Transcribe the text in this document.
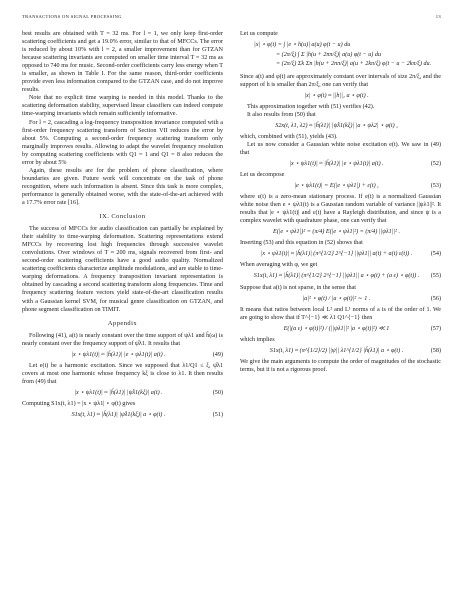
TRANSACTIONS ON SIGNAL PROCESSING	13

best results are obtained with T = 32 ms. For l = 1, we only keep first-order scattering coefficients and get a 19.0% error, similar to that of MFCCs. The error is reduced by about 10% with l = 2, a smaller improvement than for GTZAN because scattering invariants are computed on smaller time interval T = 32 ms as opposed to 740 ms for music. Second-order coefficients carry less energy when T is smaller, as shown in Table I. For the same reason, third-order coefficients provide even less information compared to the GTZAN case, and do not improve results.

Note that no explicit time warping is needed in this model. Thanks to the scattering deformation stability, supervised linear classifiers can indeed compute time-warping invariants which remain sufficiently informative.

For l = 2, cascading a log-frequency transposition invariance computed with a first-order frequency scattering transform of Section VII reduces the error by about 5%. Computing a second-order frequency scattering transform only marginally improves results. Allowing to adapt the wavelet frequency resolution by computing scattering coefficients with Q1 = 1 and Q1 = 8 also reduces the error by about 5%

Again, these results are for the problem of phone classification, where boundaries are given. Future work will concentrate on the task of phone recognition, where such information is absent. Since this task is more complex, performance is generally obtained worse, with the state-of-the-art achieved with a 17.7% error rate [16].

IX. Conclusion

The success of MFCCs for audio classification can partially be explained by their stability to time-warping deformation. Scattering representations extend MFCCs by recovering lost high frequencies through successive wavelet convolutions. Over windows of T ≈ 200 ms, signals recovered from first- and second-order scattering coefficients have a good audio quality. Normalized scattering coefficients characterize amplitude modulations, and are stable to time-warping deformations. A frequency transposition invariant representation is obtained by cascading a second scattering transform along frequencies. Time and frequency scattering feature vectors yield state-of-the-art classification results with a Gaussian kernel SVM, for musical genre classification on GTZAN, and phone segment classification on TIMIT.

Appendix

Following (41), a(t) is nearly constant over the time support of ψλ1 and ĥ(ω) is nearly constant over the frequency support of ψ̂λ1. It results that

|x ⋆ ψλ1(t)| ≈ |ĥ(λ1)| |e ⋆ ψλ1(t)| a(t) .	(49)

Let e(t) be a harmonic excitation. Since we supposed that λ1/Q1 ≤ ξ, ψ̂λ1 covers at most one harmonic whose frequency kξ is close to λ1. It then results from (49) that

|x ⋆ ψλ1(t)| ≈ |ĥ(λ1)| |ψ̂λ1(kξ)| a(t) .	(50)

Computing S1x(t, λ1) = |x ⋆ ψλ1| ⋆ φ(t) gives

S1x(t, λ1) ≈ |ĥ(λ1)| |ψ̂λ1(kξ)| a ⋆ φ(t) .	(51)

Let us compute

|x| ⋆ φ(t) = ∫ |e ⋆ h(u)| a(u) φ(t − u) du
= (2π/ξ) ∫ Σ |h(u + 2nπ/ξ)| a(u) φ(t − u) du
= (2π/ξ) Σk Σn |h(u + 2nπ/ξ)| a(u + 2kπ/ξ) φ(t − u − 2kπ/ξ) du.

Since a(t) and φ(t) are approximately constant over intervals of size 2π/ξ, and the support of h is smaller than 2π/ξ, one can verify that

|x| ⋆ φ(t) ≈ ||h||₁ a ⋆ φ(t) .

This approximation together with (51) verifies (42).

It also results from (50) that

S2x(t, λ1, λ2) ≈ |ĥ(λ1)| |ψ̂λ1(kξ)| |a ⋆ ψλ2| ⋆ φ(t) ,

which, combined with (51), yields (43).

Let us now consider a Gaussian white noise excitation e(t). We saw in (49) that

|x ⋆ ψλ1(t)| ≈ |ĥ(λ1)| |e ⋆ ψλ1(t)| a(t) .	(52)

Let us decompose

|e ⋆ ψλ1(t)| = E(|e ⋆ ψλ1|) + ε(t) ,	(53)

where ε(t) is a zero-mean stationary process. If e(t) is a normalized Gaussian white noise then e ⋆ ψλ1(t) is a Gaussian random variable of variance ||ψλ1||². It results that |e ⋆ ψλ1(t)| and ε(t) have a Rayleigh distribution, and since ψ is a complex wavelet with quadrature phase, one can verify that

E(|e ⋆ ψλ1|)² = (π/4) E(|e ⋆ ψλ1|²) = (π/4) ||ψλ1||² .

Inserting (53) and this equation in (52) shows that

|x ⋆ ψλ1(t)| ≈ |ĥ(λ1)| (π^{1/2} 2^{−1} ||ψλ1|| a(t) + a(t) ε(t)) .	(54)

When averaging with φ, we get

S1x(t, λ1) ≈ |ĥ(λ1)| (π^{1/2} 2^{−1} ||ψλ1|| a ⋆ φ(t) + (a ε) ⋆ φ(t)) .	(55)

Suppose that a(t) is not sparse, in the sense that

|a|² ⋆ φ(t) / |a ⋆ φ(t)|² ∼ 1 .	(56)

It means that ratios between local L² and L¹ norms of a is of the order of 1. We are going to show that if T^{−1} ≪ λ1 Q1^{−1} then

E(|(a ε) ⋆ φ(t)|²) / (||ψλ1||² |a ⋆ φ(t)|²) ≪ 1	(57)

which implies

S1x(t, λ1) ≈ (π^{1/2}/2) ||ψ|| λ1^{1/2} |ĥ(λ1)| a ⋆ φ(t) .	(58)

We give the main arguments to compute the order of magnitudes of the stochastic terms, but it is not a rigorous proof.
